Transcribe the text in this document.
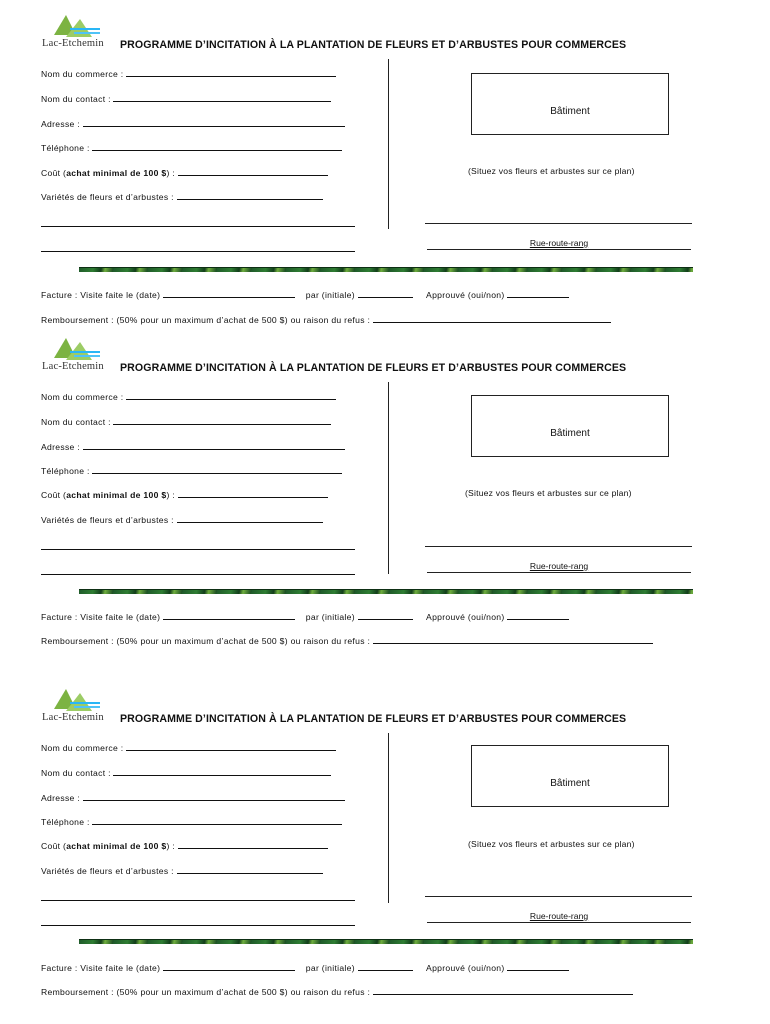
Lac-Etchemin PROGRAMME D’INCITATION À LA PLANTATION DE FLEURS ET D’ARBUSTES POUR COMMERCES
Nom du commerce :
Nom du contact :
Adresse :
Téléphone :
Coût (achat minimal de 100 $) :
Variétés de fleurs et d’arbustes :
Bâtiment
(Situez vos fleurs et arbustes sur ce plan)
Rue-route-rang
Facture : Visite faite le (date)	par (initiale)	Approuvé (oui/non)
Remboursement : (50% pour un maximum d’achat de 500 $) ou raison du refus :
Lac-Etchemin PROGRAMME D’INCITATION À LA PLANTATION DE FLEURS ET D’ARBUSTES POUR COMMERCES
Nom du commerce :
Nom du contact :
Adresse :
Téléphone :
Coût (achat minimal de 100 $) :
Variétés de fleurs et d’arbustes :
Bâtiment
(Situez vos fleurs et arbustes sur ce plan)
Rue-route-rang
Facture : Visite faite le (date)	par (initiale)	Approuvé (oui/non)
Remboursement : (50% pour un maximum d’achat de 500 $) ou raison du refus :
Lac-Etchemin PROGRAMME D’INCITATION À LA PLANTATION DE FLEURS ET D’ARBUSTES POUR COMMERCES
Nom du commerce :
Nom du contact :
Adresse :
Téléphone :
Coût (achat minimal de 100 $) :
Variétés de fleurs et d’arbustes :
Bâtiment
(Situez vos fleurs et arbustes sur ce plan)
Rue-route-rang
Facture : Visite faite le (date)	par (initiale)	Approuvé (oui/non)
Remboursement : (50% pour un maximum d’achat de 500 $) ou raison du refus :
